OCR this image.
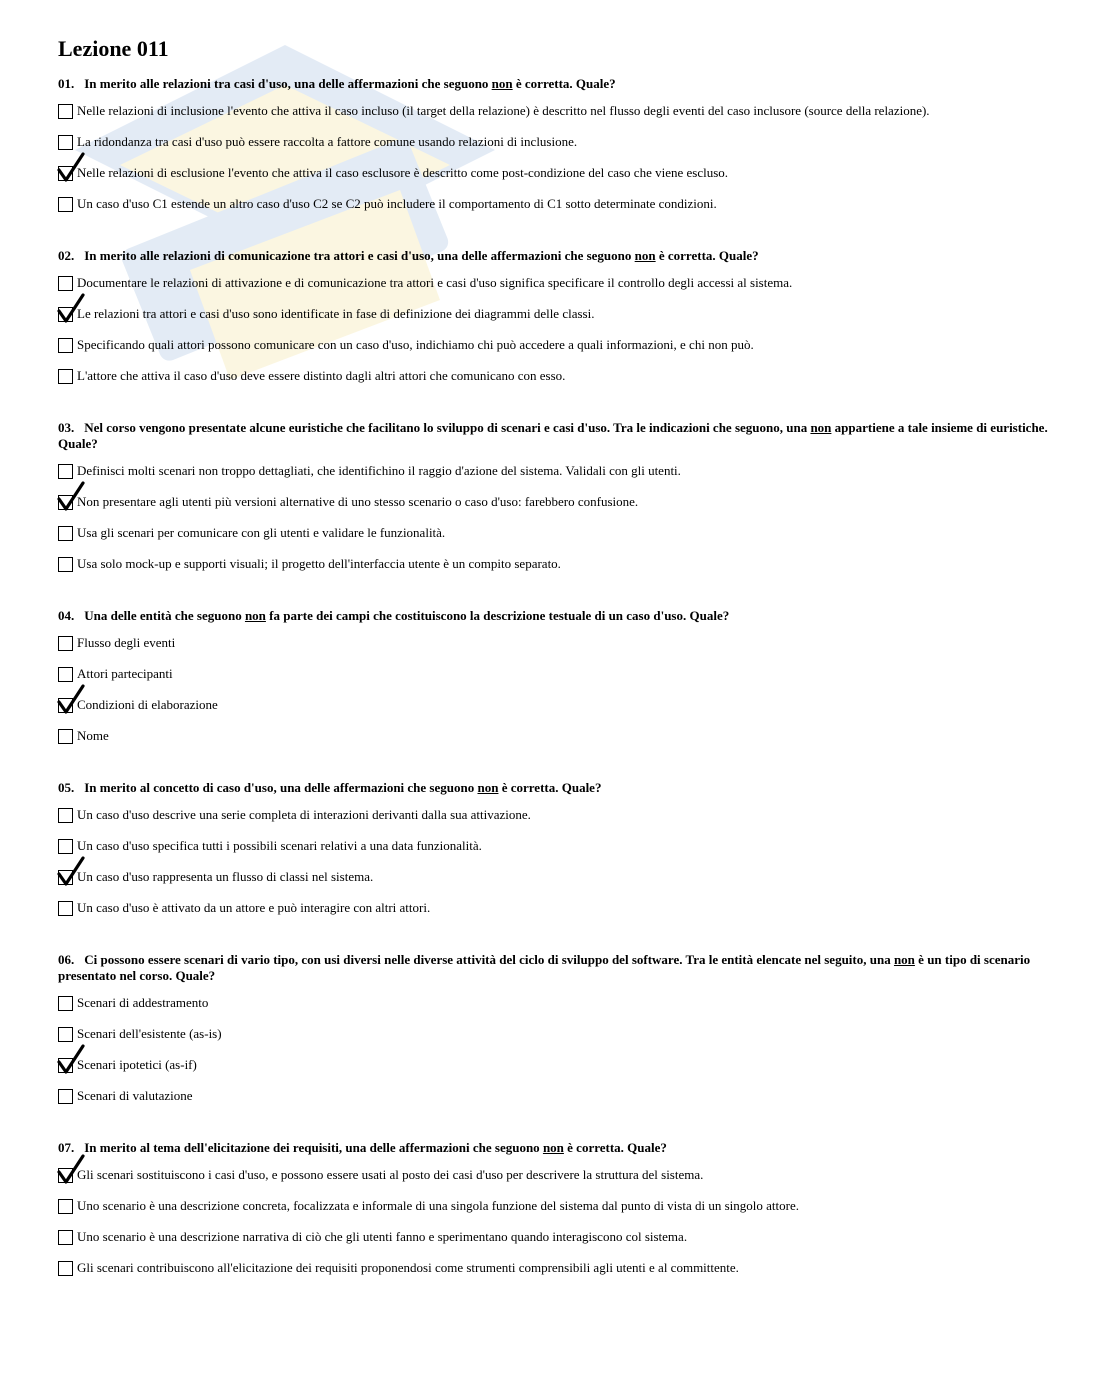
Lezione 011
01. In merito alle relazioni tra casi d'uso, una delle affermazioni che seguono non è corretta. Quale?
Nelle relazioni di inclusione l'evento che attiva il caso incluso (il target della relazione) è descritto nel flusso degli eventi del caso inclusore (source della relazione).
La ridondanza tra casi d'uso può essere raccolta a fattore comune usando relazioni di inclusione.
Nelle relazioni di esclusione l'evento che attiva il caso esclusore è descritto come post-condizione del caso che viene escluso.
Un caso d'uso C1 estende un altro caso d'uso C2 se C2 può includere il comportamento di C1 sotto determinate condizioni.
02. In merito alle relazioni di comunicazione tra attori e casi d'uso, una delle affermazioni che seguono non è corretta. Quale?
Documentare le relazioni di attivazione e di comunicazione tra attori e casi d'uso significa specificare il controllo degli accessi al sistema.
Le relazioni tra attori e casi d'uso sono identificate in fase di definizione dei diagrammi delle classi.
Specificando quali attori possono comunicare con un caso d'uso, indichiamo chi può accedere a quali informazioni, e chi non può.
L'attore che attiva il caso d'uso deve essere distinto dagli altri attori che comunicano con esso.
03. Nel corso vengono presentate alcune euristiche che facilitano lo sviluppo di scenari e casi d'uso. Tra le indicazioni che seguono, una non appartiene a tale insieme di euristiche. Quale?
Definisci molti scenari non troppo dettagliati, che identifichino il raggio d'azione del sistema. Validali con gli utenti.
Non presentare agli utenti più versioni alternative di uno stesso scenario o caso d'uso: farebbero confusione.
Usa gli scenari per comunicare con gli utenti e validare le funzionalità.
Usa solo mock-up e supporti visuali; il progetto dell'interfaccia utente è un compito separato.
04. Una delle entità che seguono non fa parte dei campi che costituiscono la descrizione testuale di un caso d'uso. Quale?
Flusso degli eventi
Attori partecipanti
Condizioni di elaborazione
Nome
05. In merito al concetto di caso d'uso, una delle affermazioni che seguono non è corretta. Quale?
Un caso d'uso descrive una serie completa di interazioni derivanti dalla sua attivazione.
Un caso d'uso specifica tutti i possibili scenari relativi a una data funzionalità.
Un caso d'uso rappresenta un flusso di classi nel sistema.
Un caso d'uso è attivato da un attore e può interagire con altri attori.
06. Ci possono essere scenari di vario tipo, con usi diversi nelle diverse attività del ciclo di sviluppo del software. Tra le entità elencate nel seguito, una non è un tipo di scenario presentato nel corso. Quale?
Scenari di addestramento
Scenari dell'esistente (as-is)
Scenari ipotetici (as-if)
Scenari di valutazione
07. In merito al tema dell'elicitazione dei requisiti, una delle affermazioni che seguono non è corretta. Quale?
Gli scenari sostituiscono i casi d'uso, e possono essere usati al posto dei casi d'uso per descrivere la struttura del sistema.
Uno scenario è una descrizione concreta, focalizzata e informale di una singola funzione del sistema dal punto di vista di un singolo attore.
Uno scenario è una descrizione narrativa di ciò che gli utenti fanno e sperimentano quando interagiscono col sistema.
Gli scenari contribuiscono all'elicitazione dei requisiti proponendosi come strumenti comprensibili agli utenti e al committente.
